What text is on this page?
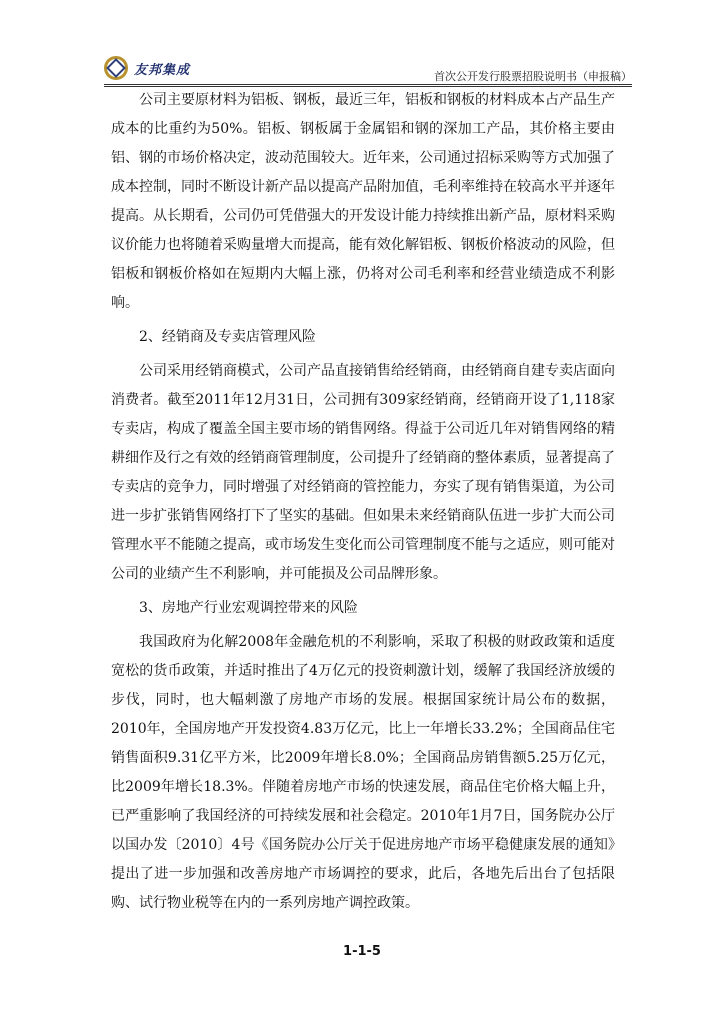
友邦集成	首次公开发行股票招股说明书（申报稿）

公司主要原材料为铝板、钢板，最近三年，铝板和钢板的材料成本占产品生产成本的比重约为50%。铝板、钢板属于金属铝和钢的深加工产品，其价格主要由铝、钢的市场价格决定，波动范围较大。近年来，公司通过招标采购等方式加强了成本控制，同时不断设计新产品以提高产品附加值，毛利率维持在较高水平并逐年提高。从长期看，公司仍可凭借强大的开发设计能力持续推出新产品，原材料采购议价能力也将随着采购量增大而提高，能有效化解铝板、钢板价格波动的风险，但铝板和钢板价格如在短期内大幅上涨，仍将对公司毛利率和经营业绩造成不利影响。

2、经销商及专卖店管理风险

公司采用经销商模式，公司产品直接销售给经销商，由经销商自建专卖店面向消费者。截至2011年12月31日，公司拥有309家经销商，经销商开设了1,118家专卖店，构成了覆盖全国主要市场的销售网络。得益于公司近几年对销售网络的精耕细作及行之有效的经销商管理制度，公司提升了经销商的整体素质，显著提高了专卖店的竞争力，同时增强了对经销商的管控能力，夯实了现有销售渠道，为公司进一步扩张销售网络打下了坚实的基础。但如果未来经销商队伍进一步扩大而公司管理水平不能随之提高，或市场发生变化而公司管理制度不能与之适应，则可能对公司的业绩产生不利影响，并可能损及公司品牌形象。

3、房地产行业宏观调控带来的风险

我国政府为化解2008年金融危机的不利影响，采取了积极的财政政策和适度宽松的货币政策，并适时推出了4万亿元的投资刺激计划，缓解了我国经济放缓的步伐，同时，也大幅刺激了房地产市场的发展。根据国家统计局公布的数据，2010年，全国房地产开发投资4.83万亿元，比上一年增长33.2%；全国商品住宅销售面积9.31亿平方米，比2009年增长8.0%；全国商品房销售额5.25万亿元，比2009年增长18.3%。伴随着房地产市场的快速发展，商品住宅价格大幅上升，已严重影响了我国经济的可持续发展和社会稳定。2010年1月7日，国务院办公厅以国办发〔2010〕4号《国务院办公厅关于促进房地产市场平稳健康发展的通知》提出了进一步加强和改善房地产市场调控的要求，此后，各地先后出台了包括限购、试行物业税等在内的一系列房地产调控政策。

1-1-5
